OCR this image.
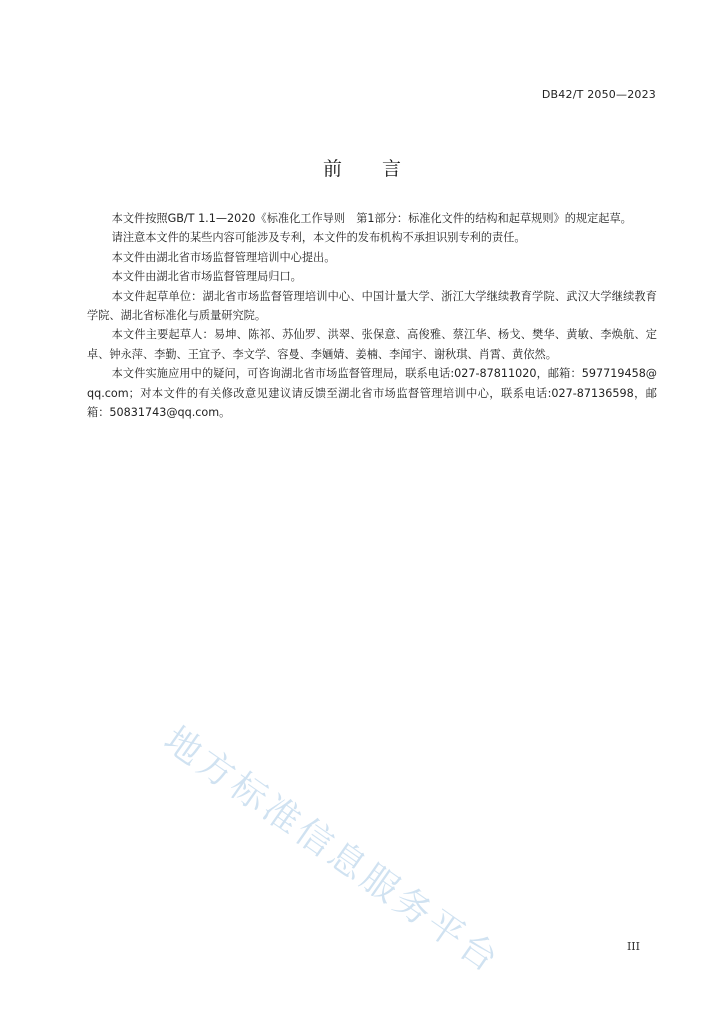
DB42/T 2050—2023
前 言

本文件按照GB/T 1.1—2020《标准化工作导则　第1部分：标准化文件的结构和起草规则》的规定起草。

请注意本文件的某些内容可能涉及专利，本文件的发布机构不承担识别专利的责任。

本文件由湖北省市场监督管理培训中心提出。

本文件由湖北省市场监督管理局归口。

本文件起草单位：湖北省市场监督管理培训中心、中国计量大学、浙江大学继续教育学院、武汉大学继续教育学院、湖北省标准化与质量研究院。

本文件主要起草人：易坤、陈祁、苏仙罗、洪翠、张保意、高俊雅、蔡江华、杨戈、樊华、黄敏、李焕航、定卓、钟永萍、李勤、王宜予、李文学、容曼、李婳婧、姜楠、李闻宇、谢秋琪、肖霄、黄依然。

本文件实施应用中的疑问，可咨询湖北省市场监督管理局，联系电话:027-87811020，邮箱：597719458@qq.com；对本文件的有关修改意见建议请反馈至湖北省市场监督管理培训中心，联系电话:027-87136598，邮箱：50831743@qq.com。

地方标准信息服务平台	III
